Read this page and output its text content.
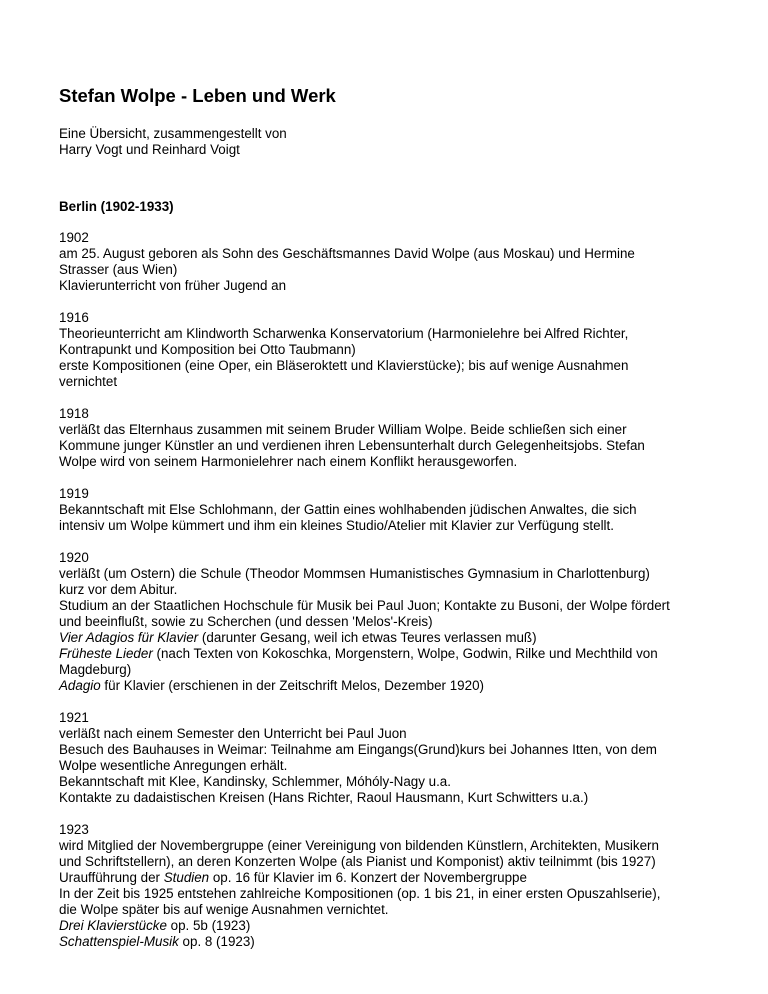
Stefan Wolpe - Leben und Werk
Eine Übersicht, zusammengestellt von
Harry Vogt und Reinhard Voigt
Berlin (1902-1933)
1902
am 25. August geboren als Sohn des Geschäftsmannes David Wolpe (aus Moskau) und Hermine
Strasser (aus Wien)
Klavierunterricht von früher Jugend an
1916
Theorieunterricht am Klindworth Scharwenka Konservatorium (Harmonielehre bei Alfred Richter,
Kontrapunkt und Komposition bei Otto Taubmann)
erste Kompositionen (eine Oper, ein Bläseroktett und Klavierstücke); bis auf wenige Ausnahmen
vernichtet
1918
verläßt das Elternhaus zusammen mit seinem Bruder William Wolpe. Beide schließen sich einer
Kommune junger Künstler an und verdienen ihren Lebensunterhalt durch Gelegenheitsjobs. Stefan
Wolpe wird von seinem Harmonielehrer nach einem Konflikt herausgeworfen.
1919
Bekanntschaft mit Else Schlohmann, der Gattin eines wohlhabenden jüdischen Anwaltes, die sich
intensiv um Wolpe kümmert und ihm ein kleines Studio/Atelier mit Klavier zur Verfügung stellt.
1920
verläßt (um Ostern) die Schule (Theodor Mommsen Humanistisches Gymnasium in Charlottenburg)
kurz vor dem Abitur.
Studium an der Staatlichen Hochschule für Musik bei Paul Juon; Kontakte zu Busoni, der Wolpe fördert
und beeinflußt, sowie zu Scherchen (und dessen 'Melos'-Kreis)
Vier Adagios für Klavier (darunter Gesang, weil ich etwas Teures verlassen muß)
Früheste Lieder (nach Texten von Kokoschka, Morgenstern, Wolpe, Godwin, Rilke und Mechthild von
Magdeburg)
Adagio für Klavier (erschienen in der Zeitschrift Melos, Dezember 1920)
1921
verläßt nach einem Semester den Unterricht bei Paul Juon
Besuch des Bauhauses in Weimar: Teilnahme am Eingangs(Grund)kurs bei Johannes Itten, von dem
Wolpe wesentliche Anregungen erhält.
Bekanntschaft mit Klee, Kandinsky, Schlemmer, Móhóly-Nagy u.a.
Kontakte zu dadaistischen Kreisen (Hans Richter, Raoul Hausmann, Kurt Schwitters u.a.)
1923
wird Mitglied der Novembergruppe (einer Vereinigung von bildenden Künstlern, Architekten, Musikern
und Schriftstellern), an deren Konzerten Wolpe (als Pianist und Komponist) aktiv teilnimmt (bis 1927)
Uraufführung der Studien op. 16 für Klavier im 6. Konzert der Novembergruppe
In der Zeit bis 1925 entstehen zahlreiche Kompositionen (op. 1 bis 21, in einer ersten Opuszahlserie),
die Wolpe später bis auf wenige Ausnahmen vernichtet.
Drei Klavierstücke op. 5b (1923)
Schattenspiel-Musik op. 8 (1923)
